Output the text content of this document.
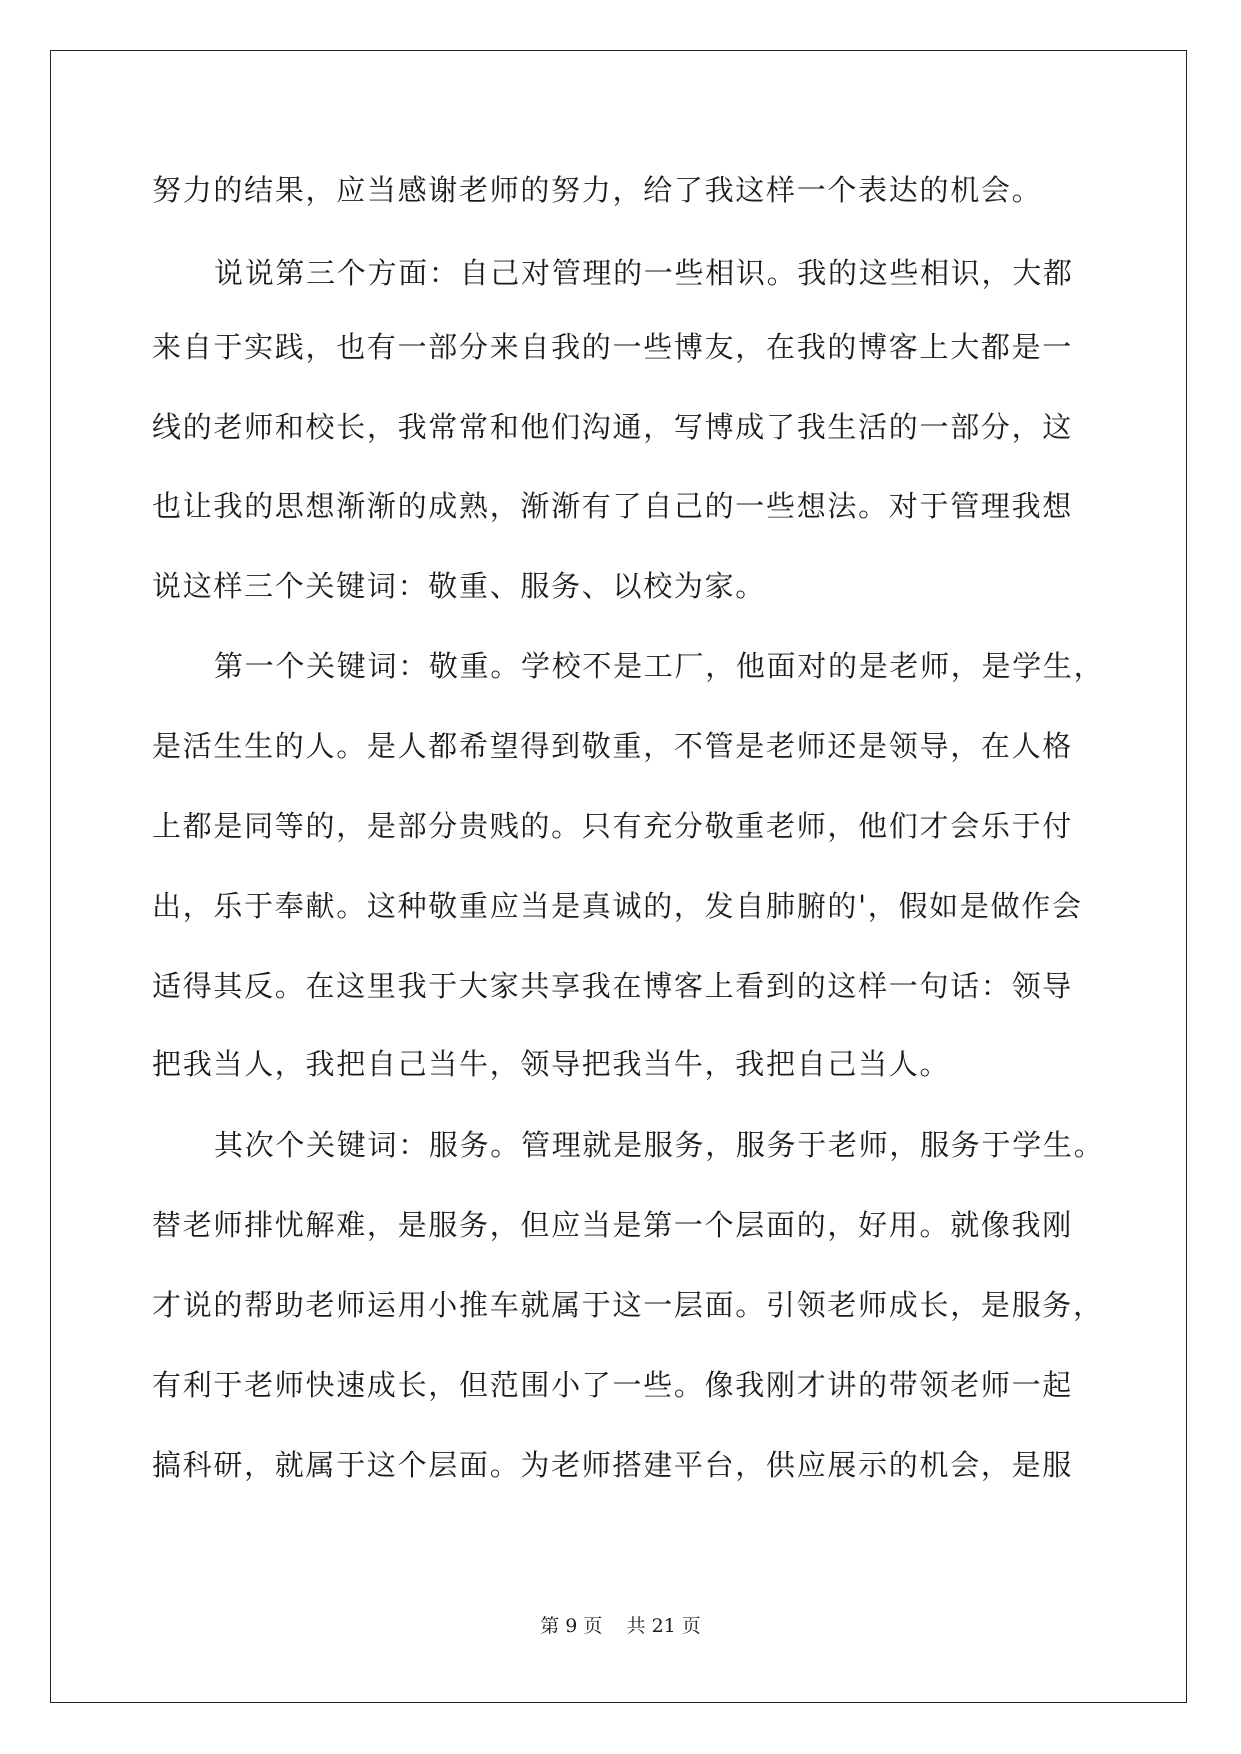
努力的结果，应当感谢老师的努力，给了我这样一个表达的机会。
说说第三个方面：自己对管理的一些相识。我的这些相识，大都
来自于实践，也有一部分来自我的一些博友，在我的博客上大都是一
线的老师和校长，我常常和他们沟通，写博成了我生活的一部分，这
也让我的思想渐渐的成熟，渐渐有了自己的一些想法。对于管理我想
说这样三个关键词：敬重、服务、以校为家。
第一个关键词：敬重。学校不是工厂，他面对的是老师，是学生，
是活生生的人。是人都希望得到敬重，不管是老师还是领导，在人格
上都是同等的，是部分贵贱的。只有充分敬重老师，他们才会乐于付
出，乐于奉献。这种敬重应当是真诚的，发自肺腑的'，假如是做作会
适得其反。在这里我于大家共享我在博客上看到的这样一句话：领导
把我当人，我把自己当牛，领导把我当牛，我把自己当人。
其次个关键词：服务。管理就是服务，服务于老师，服务于学生。
替老师排忧解难，是服务，但应当是第一个层面的，好用。就像我刚
才说的帮助老师运用小推车就属于这一层面。引领老师成长，是服务，
有利于老师快速成长，但范围小了一些。像我刚才讲的带领老师一起
搞科研，就属于这个层面。为老师搭建平台，供应展示的机会，是服
第 9 页    共 21 页
